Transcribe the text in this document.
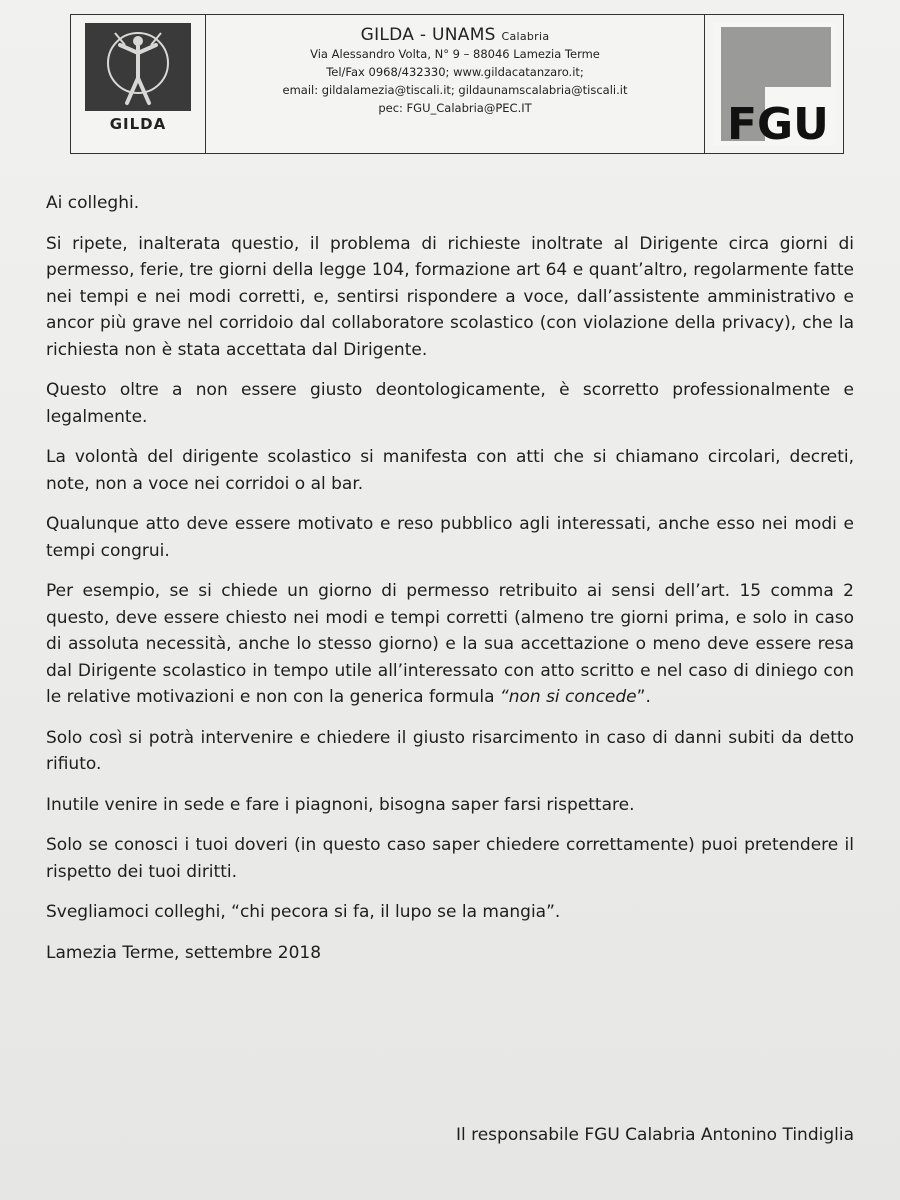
GILDA
GILDA - UNAMS Calabria
Via Alessandro Volta, N° 9 – 88046 Lamezia Terme
Tel/Fax 0968/432330; www.gildacatanzaro.it;
email: gildalamezia@tiscali.it; gildaunamscalabria@tiscali.it
pec: FGU_Calabria@PEC.IT	FGU

Ai colleghi.

Si ripete, inalterata questio, il problema di richieste inoltrate al Dirigente circa giorni di permesso, ferie, tre giorni della legge 104, formazione art 64 e quant’altro, regolarmente fatte nei tempi e nei modi corretti, e, sentirsi rispondere a voce, dall’assistente amministrativo e ancor più grave nel corridoio dal collaboratore scolastico (con violazione della privacy), che la richiesta non è stata accettata dal Dirigente.

Questo oltre a non essere giusto deontologicamente, è scorretto professionalmente e legalmente.

La volontà del dirigente scolastico si manifesta con atti che si chiamano circolari, decreti, note, non a voce nei corridoi o al bar.

Qualunque atto deve essere motivato e reso pubblico agli interessati, anche esso nei modi e tempi congrui.

Per esempio, se si chiede un giorno di permesso retribuito ai sensi dell’art. 15 comma 2 questo, deve essere chiesto nei modi e tempi corretti (almeno tre giorni prima, e solo in caso di assoluta necessità, anche lo stesso giorno) e la sua accettazione o meno deve essere resa dal Dirigente scolastico in tempo utile all’interessato con atto scritto e nel caso di diniego con le relative motivazioni e non con la generica formula “non si concede”.

Solo così si potrà intervenire e chiedere il giusto risarcimento in caso di danni subiti da detto rifiuto.

Inutile venire in sede e fare i piagnoni, bisogna saper farsi rispettare.

Solo se conosci i tuoi doveri (in questo caso saper chiedere correttamente) puoi pretendere il rispetto dei tuoi diritti.

Svegliamoci colleghi, “chi pecora si fa, il lupo se la mangia”.

Lamezia Terme, settembre 2018

Il responsabile FGU Calabria Antonino Tindiglia
